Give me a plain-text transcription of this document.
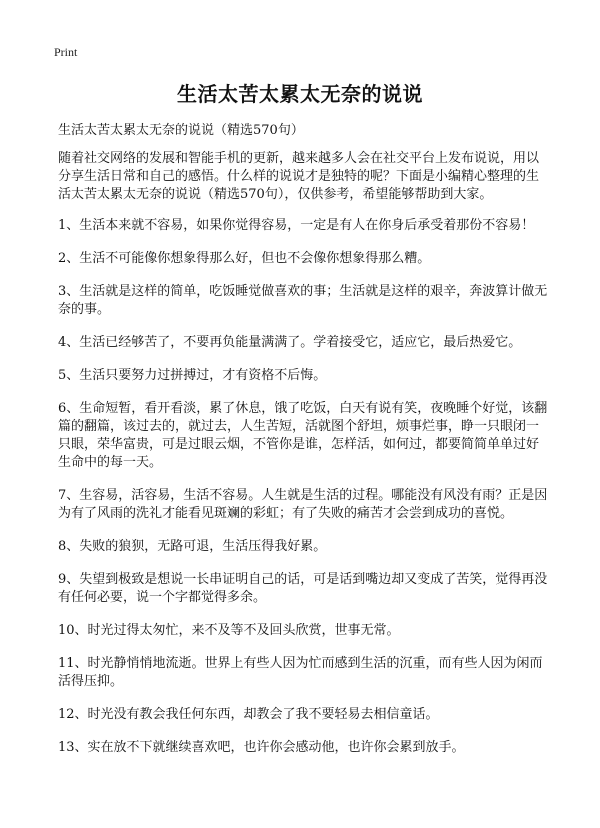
Print
生活太苦太累太无奈的说说
生活太苦太累太无奈的说说（精选570句）

随着社交网络的发展和智能手机的更新，越来越多人会在社交平台上发布说说，用以分享生活日常和自己的感悟。什么样的说说才是独特的呢？下面是小编精心整理的生活太苦太累太无奈的说说（精选570句），仅供参考，希望能够帮助到大家。

1、生活本来就不容易，如果你觉得容易，一定是有人在你身后承受着那份不容易！

2、生活不可能像你想象得那么好，但也不会像你想象得那么糟。

3、生活就是这样的简单，吃饭睡觉做喜欢的事；生活就是这样的艰辛，奔波算计做无奈的事。

4、生活已经够苦了，不要再负能量满满了。学着接受它，适应它，最后热爱它。

5、生活只要努力过拼搏过，才有资格不后悔。

6、生命短暂，看开看淡，累了休息，饿了吃饭，白天有说有笑，夜晚睡个好觉，该翻篇的翻篇，该过去的，就过去，人生苦短，活就图个舒坦，烦事烂事，睁一只眼闭一只眼，荣华富贵，可是过眼云烟，不管你是谁，怎样活，如何过，都要简简单单过好生命中的每一天。

7、生容易，活容易，生活不容易。人生就是生活的过程。哪能没有风没有雨？正是因为有了风雨的洗礼才能看见斑斓的彩虹；有了失败的痛苦才会尝到成功的喜悦。

8、失败的狼狈，无路可退，生活压得我好累。

9、失望到极致是想说一长串证明自己的话，可是话到嘴边却又变成了苦笑，觉得再没有任何必要，说一个字都觉得多余。

10、时光过得太匆忙，来不及等不及回头欣赏，世事无常。

11、时光静悄悄地流逝。世界上有些人因为忙而感到生活的沉重，而有些人因为闲而活得压抑。

12、时光没有教会我任何东西，却教会了我不要轻易去相信童话。

13、实在放不下就继续喜欢吧，也许你会感动他，也许你会累到放手。
